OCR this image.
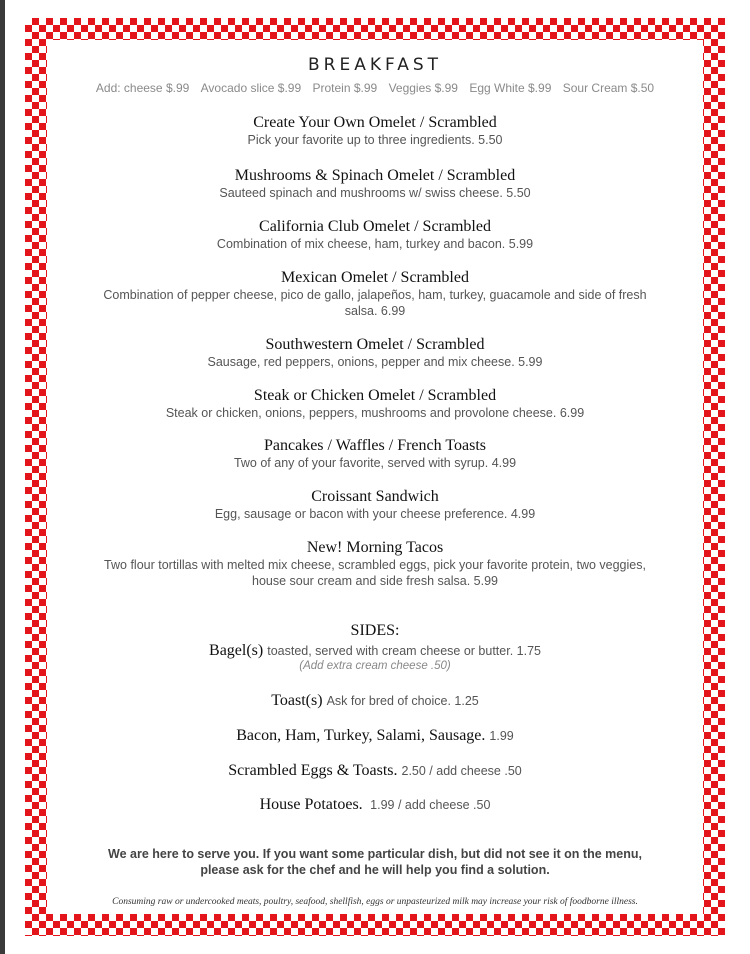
BREAKFAST
Add: cheese $.99 Avocado slice $.99 Protein $.99 Veggies $.99 Egg White $.99 Sour Cream $.50
Create Your Own Omelet / Scrambled
Pick your favorite up to three ingredients. 5.50
Mushrooms & Spinach Omelet / Scrambled
Sauteed spinach and mushrooms w/ swiss cheese. 5.50
California Club Omelet / Scrambled
Combination of mix cheese, ham, turkey and bacon. 5.99
Mexican Omelet / Scrambled
Combination of pepper cheese, pico de gallo, jalapeños, ham, turkey, guacamole and side of fresh salsa. 6.99
Southwestern Omelet / Scrambled
Sausage, red peppers, onions, pepper and mix cheese. 5.99
Steak or Chicken Omelet / Scrambled
Steak or chicken, onions, peppers, mushrooms and provolone cheese. 6.99
Pancakes / Waffles / French Toasts
Two of any of your favorite, served with syrup. 4.99
Croissant Sandwich
Egg, sausage or bacon with your cheese preference. 4.99
New! Morning Tacos
Two flour tortillas with melted mix cheese, scrambled eggs, pick your favorite protein, two veggies, house sour cream and side fresh salsa. 5.99
SIDES:
Bagel(s) toasted, served with cream cheese or butter. 1.75
(Add extra cream cheese .50)
Toast(s) Ask for bred of choice. 1.25
Bacon, Ham, Turkey, Salami, Sausage. 1.99
Scrambled Eggs & Toasts. 2.50 / add cheese .50
House Potatoes. 1.99 / add cheese .50
We are here to serve you. If you want some particular dish, but did not see it on the menu, please ask for the chef and he will help you find a solution.
Consuming raw or undercooked meats, poultry, seafood, shellfish, eggs or unpasteurized milk may increase your risk of foodborne illness.
